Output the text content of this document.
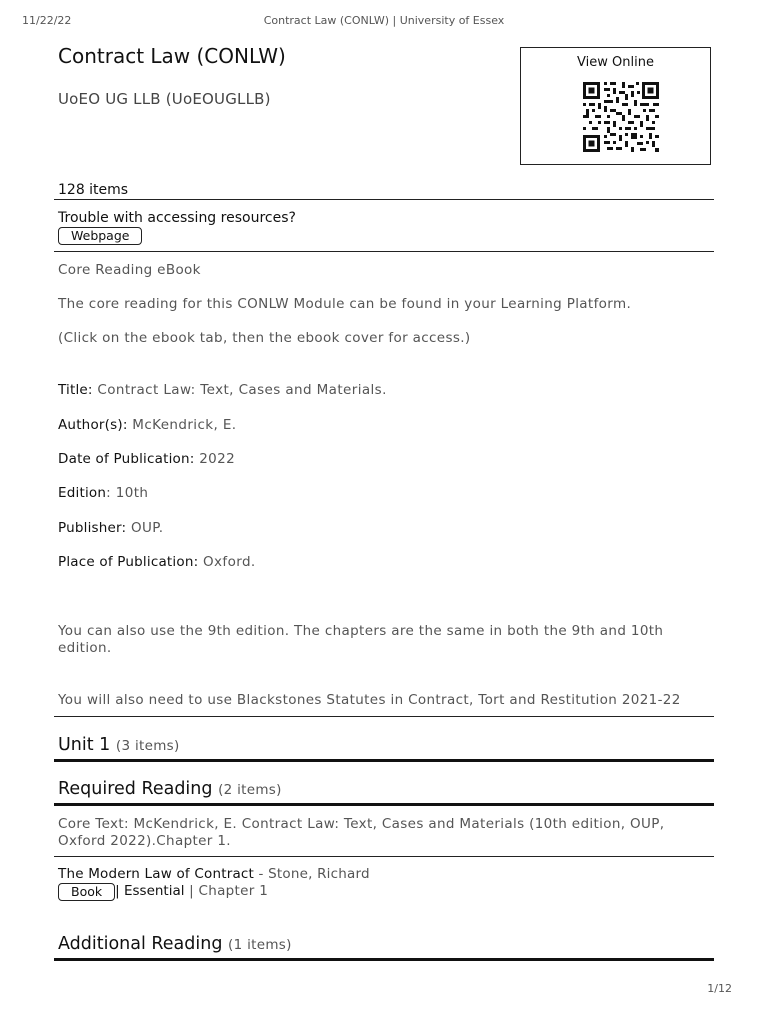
11/22/22	Contract Law (CONLW) | University of Essex
Contract Law (CONLW)
UoEO UG LLB (UoEOUGLLB)
View Online
128 items
Trouble with accessing resources?
Webpage
Core Reading eBook
The core reading for this CONLW Module can be found in your Learning Platform.
(Click on the ebook tab, then the ebook cover for access.)
Title: Contract Law: Text, Cases and Materials.
Author(s): McKendrick, E.
Date of Publication: 2022
Edition: 10th
Publisher: OUP.
Place of Publication: Oxford.
You can also use the 9th edition. The chapters are the same in both the 9th and 10th edition.
You will also need to use Blackstones Statutes in Contract, Tort and Restitution 2021-22
Unit 1 (3 items)
Required Reading (2 items)
Core Text: McKendrick, E. Contract Law: Text, Cases and Materials (10th edition, OUP, Oxford 2022).Chapter 1.
The Modern Law of Contract - Stone, Richard
Book | Essential | Chapter 1
Additional Reading (1 items)
1/12
